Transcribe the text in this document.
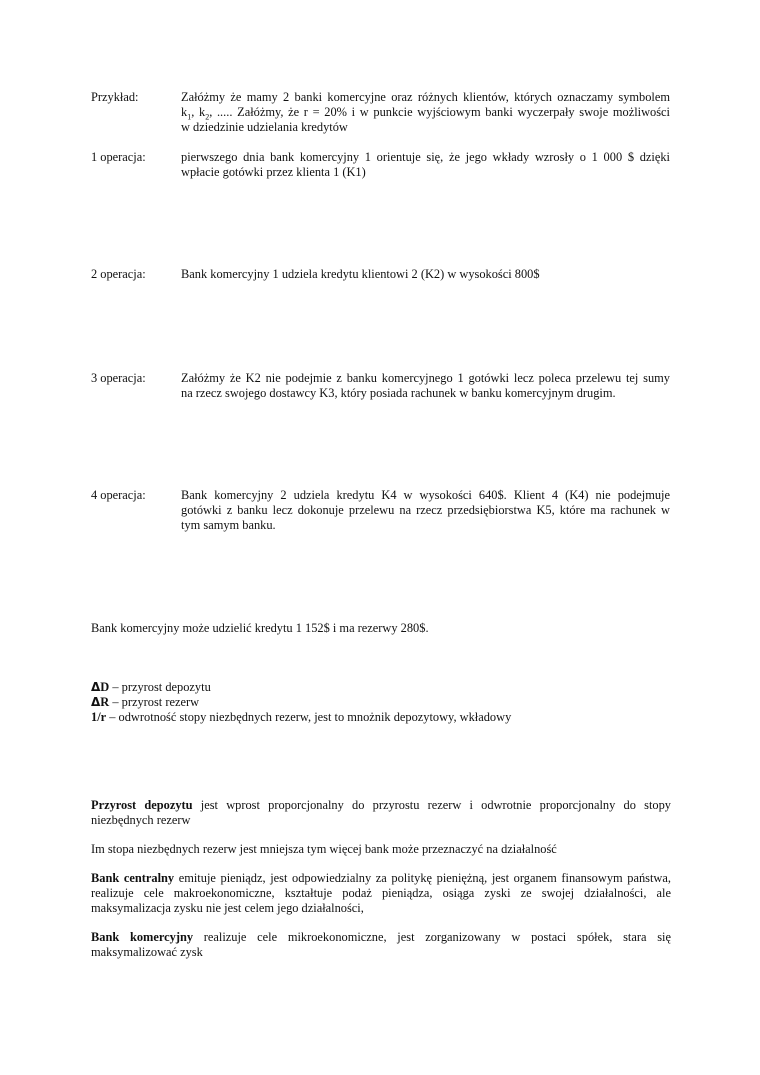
Przykład:	Załóżmy że mamy 2 banki komercyjne oraz różnych klientów, których oznaczamy symbolem
$k_1$, $k_2$, ..... Załóżmy, że r = 20% i w punkcie wyjściowym banki wyczerpały swoje możliwości
w dziedzinie udzielania kredytów
1 operacja:	pierwszego dnia bank komercyjny 1 orientuje się, że jego wkłady wzrosły o 1 000 $ dzięki
wpłacie gotówki przez klienta 1 (K1)
2 operacja:	Bank komercyjny 1 udziela kredytu klientowi 2 (K2) w wysokości 800$
3 operacja:	Załóżmy że K2 nie podejmie z banku komercyjnego 1 gotówki lecz poleca przelewu tej sumy
na rzecz swojego dostawcy K3, który posiada rachunek w banku komercyjnym drugim.
4 operacja:	Bank komercyjny 2 udziela kredytu K4 w wysokości 640$. Klient 4 (K4) nie podejmuje
gotówki z banku lecz dokonuje przelewu na rzecz przedsiębiorstwa K5, które ma rachunek w
tym samym banku.
Bank komercyjny może udzielić kredytu 1 152$ i ma rezerwy 280$.
ΔD – przyrost depozytu
ΔR – przyrost rezerw
1/r – odwrotność stopy niezbędnych rezerw, jest to mnożnik depozytowy, wkładowy
Przyrost depozytu jest wprost proporcjonalny do przyrostu rezerw i odwrotnie proporcjonalny do stopy
niezbędnych rezerw
Im stopa niezbędnych rezerw jest mniejsza tym więcej bank może przeznaczyć na działalność
Bank centralny emituje pieniądz, jest odpowiedzialny za politykę pieniężną, jest organem finansowym państwa,
realizuje cele makroekonomiczne, kształtuje podaż pieniądza, osiąga zyski ze swojej działalności, ale
maksymalizacja zysku nie jest celem jego działalności,
Bank komercyjny realizuje cele mikroekonomiczne, jest zorganizowany w postaci spółek, stara się
maksymalizować zysk
